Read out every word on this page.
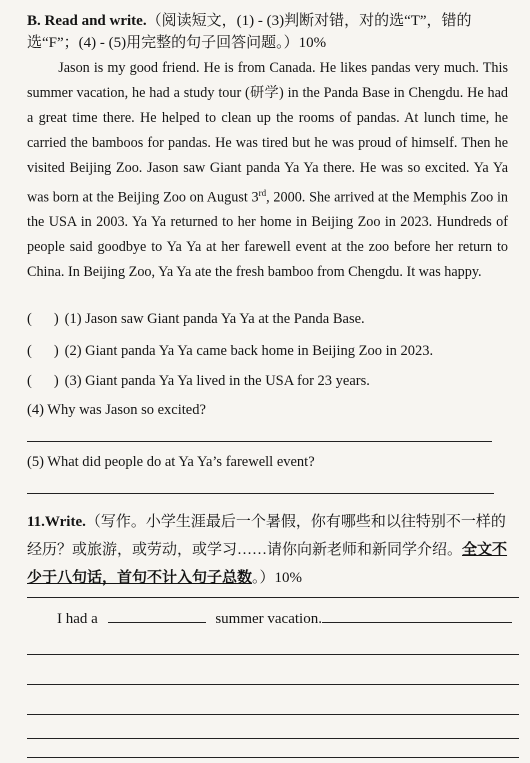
B. Read and write.（阅读短文，(1) - (3)判断对错，对的选“T”，错的选“F”；(4) - (5)用完整的句子回答问题。）10%

Jason is my good friend. He is from Canada. He likes pandas very much. This summer vacation, he had a study tour (研学) in the Panda Base in Chengdu. He had a great time there. He helped to clean up the rooms of pandas. At lunch time, he carried the bamboos for pandas. He was tired but he was proud of himself. Then he visited Beijing Zoo. Jason saw Giant panda Ya Ya there. He was so excited. Ya Ya was born at the Beijing Zoo on August 3rd, 2000. She arrived at the Memphis Zoo in the USA in 2003. Ya Ya returned to her home in Beijing Zoo in 2023. Hundreds of people said goodbye to Ya Ya at her farewell event at the zoo before her return to China. In Beijing Zoo, Ya Ya ate the fresh bamboo from Chengdu. It was happy.

( ) (1) Jason saw Giant panda Ya Ya at the Panda Base.
( ) (2) Giant panda Ya Ya came back home in Beijing Zoo in 2023.
( ) (3) Giant panda Ya Ya lived in the USA for 23 years.
(4) Why was Jason so excited?
(5) What did people do at Ya Ya’s farewell event?
11.Write.（写作。小学生涯最后一个暑假，你有哪些和以往特别不一样的经历？或旅游，或劳动，或学习……请你向新老师和新同学介绍。全文不少于八句话，首句不计入句子总数。）10%
I had a	summer vacation.
